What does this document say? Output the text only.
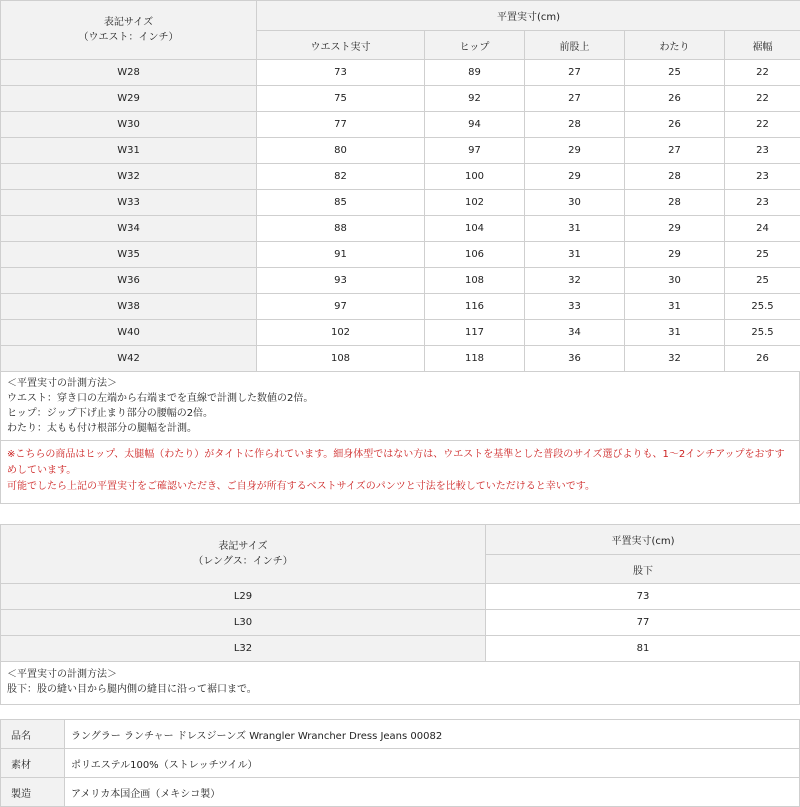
表記サイズ
（ウエスト：インチ）	平置実寸(cm)				
	ウエスト実寸	ヒップ	前股上	わたり	裾幅
W28	73	89	27	25	22
W29	75	92	27	26	22
W30	77	94	28	26	22
W31	80	97	29	27	23
W32	82	100	29	28	23
W33	85	102	30	28	23
W34	88	104	31	29	24
W35	91	106	31	29	25
W36	93	108	32	30	25
W38	97	116	33	31	25.5
W40	102	117	34	31	25.5
W42	108	118	36	32	26

＜平置実寸の計測方法＞

ウエスト：穿き口の左端から右端までを直線で計測した数値の2倍。

ヒップ：ジップ下げ止まり部分の腰幅の2倍。

わたり：太もも付け根部分の腿幅を計測。

※こちらの商品はヒップ、太腿幅（わたり）がタイトに作られています。細身体型ではない方は、ウエストを基準とした普段のサイズ選びよりも、1〜2インチアップをおすすめしています。

可能でしたら上記の平置実寸をご確認いただき、ご自身が所有するベストサイズのパンツと寸法を比較していただけると幸いです。

表記サイズ
（レングス：インチ）	平置実寸(cm)
	股下
L29	73
L30	77
L32	81

＜平置実寸の計測方法＞

股下：股の縫い目から腿内側の縫目に沿って裾口まで。

品名	ラングラー ランチャー ドレスジーンズ Wrangler Wrancher Dress Jeans 00082
素材	ポリエステル100%（ストレッチツイル）
製造	アメリカ本国企画（メキシコ製）
